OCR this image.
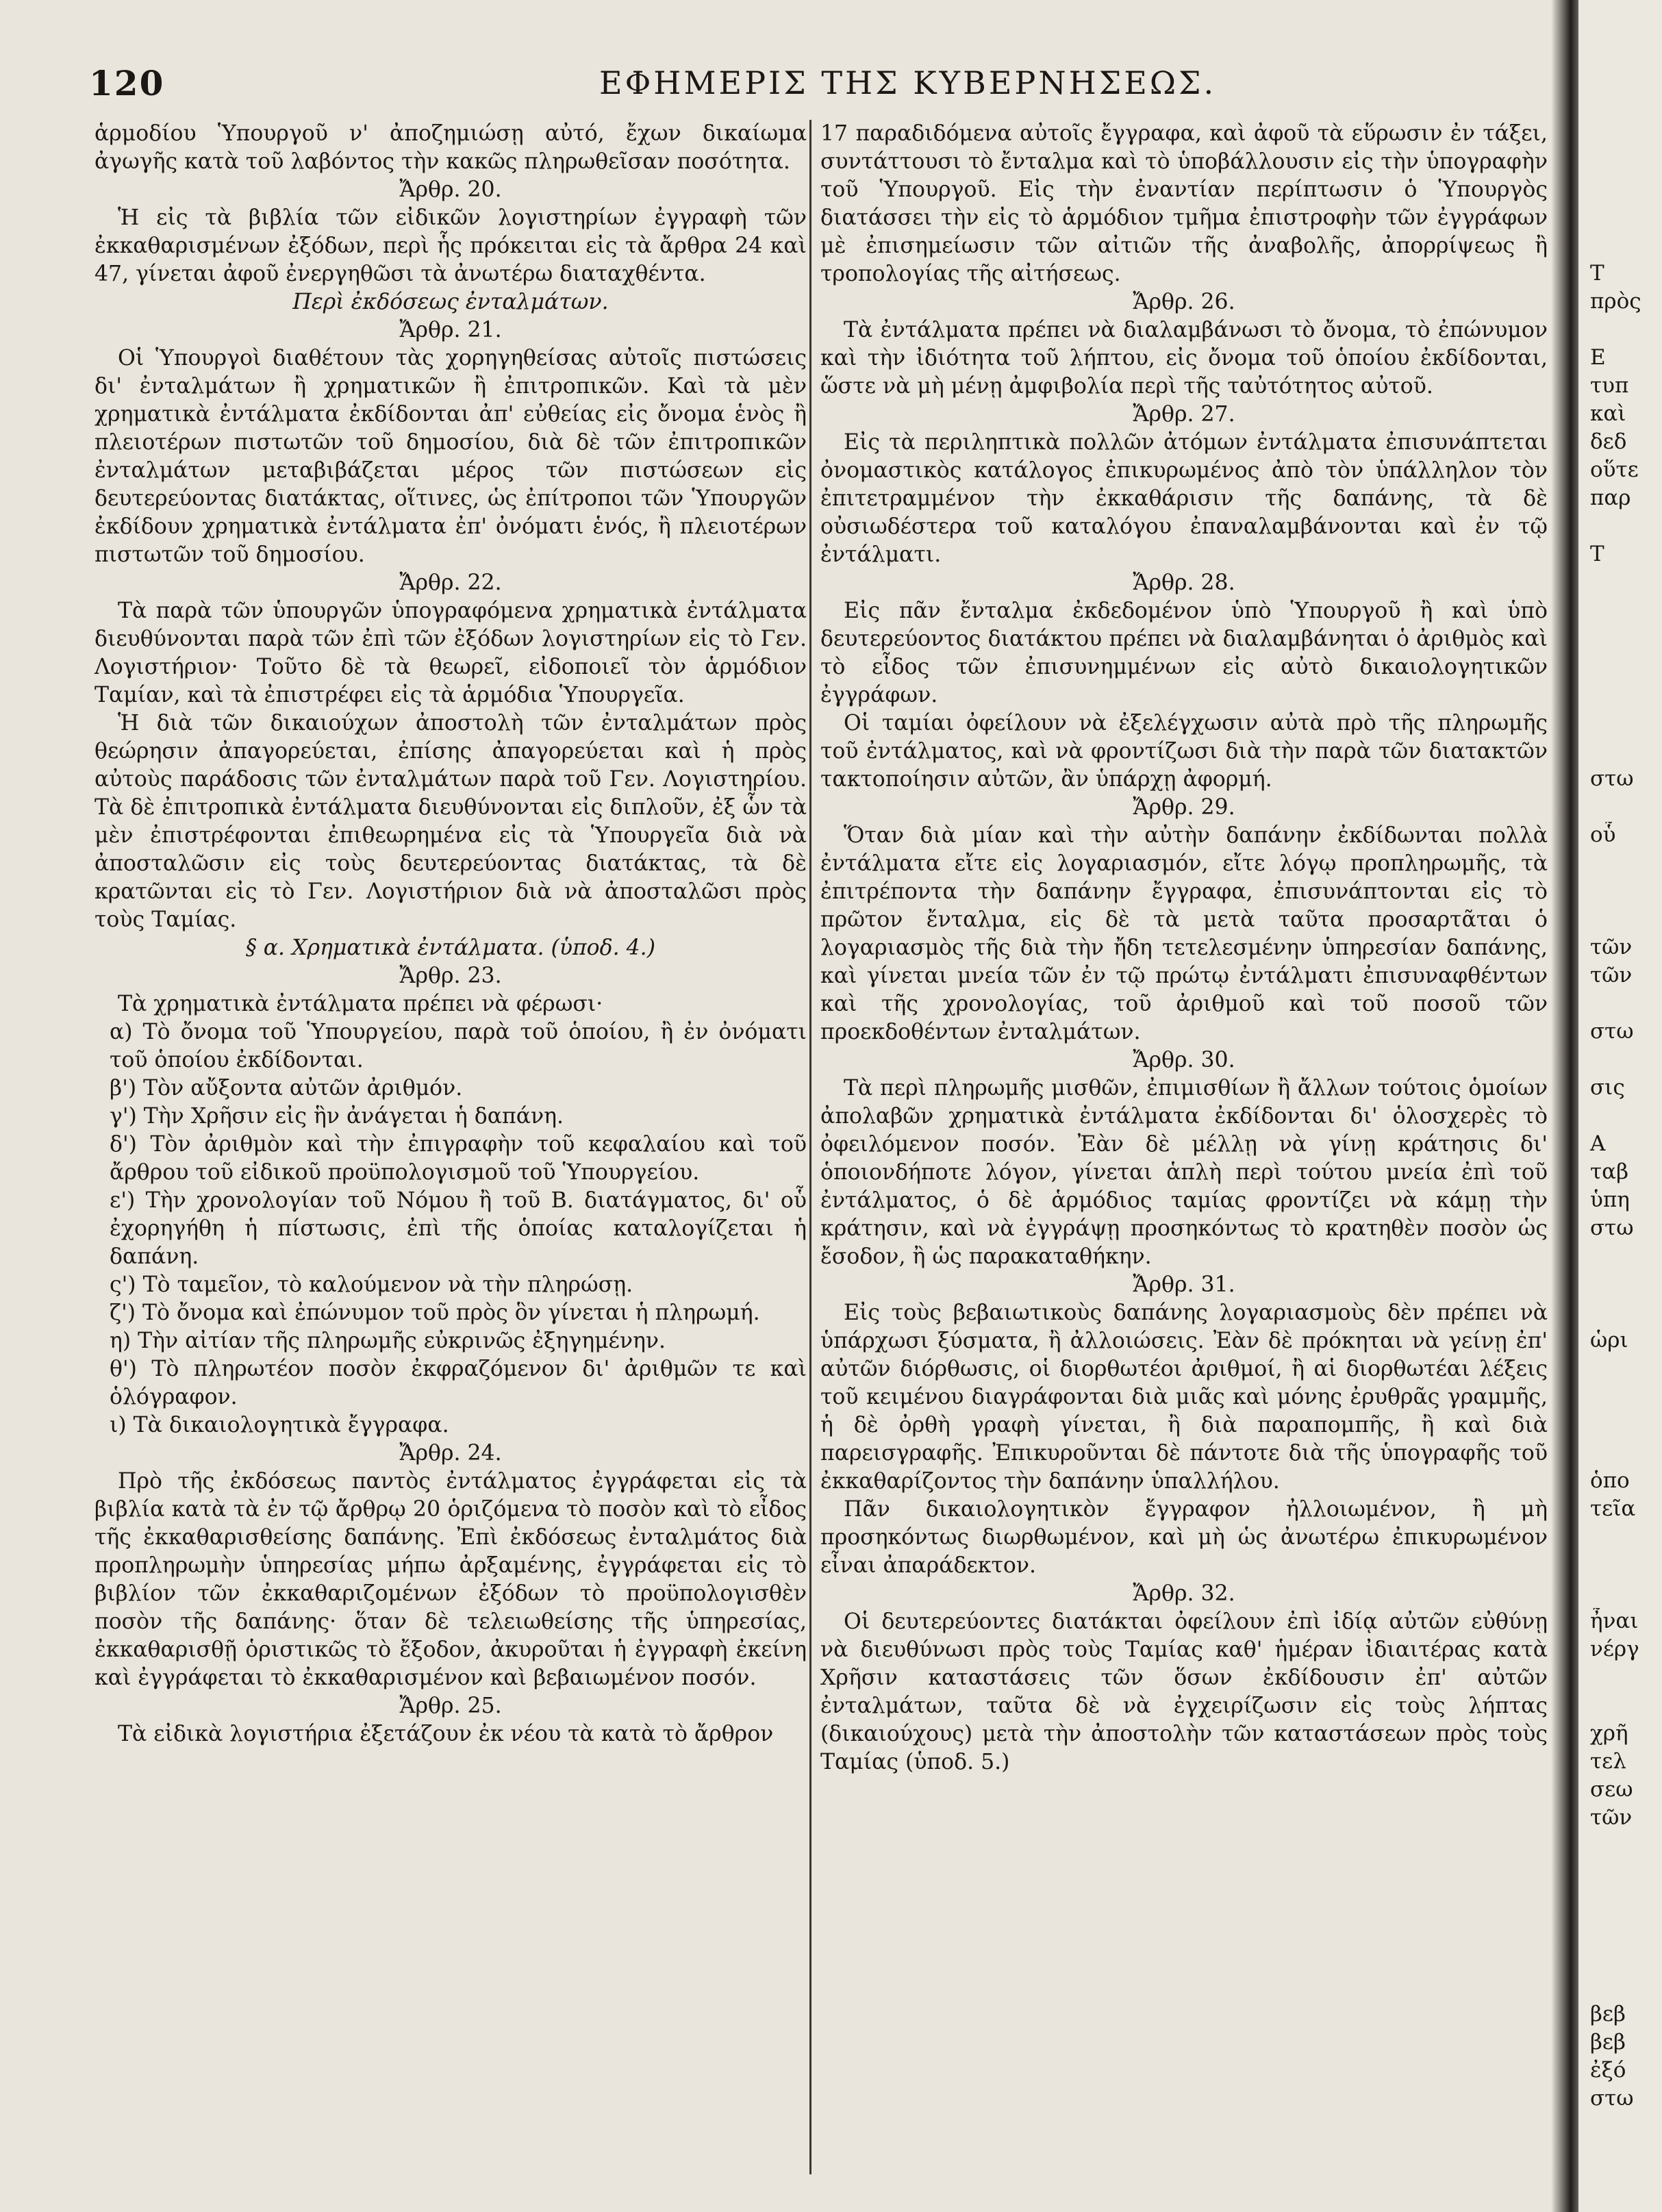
120	ΕΦΗΜΕΡΙΣ ΤΗΣ ΚΥΒΕΡΝΗΣΕΩΣ.

ἁρμοδίου Ὑπουργοῦ ν' ἀποζημιώσῃ αὐτό, ἔχων δικαίωμα ἀγωγῆς κατὰ τοῦ λαβόντος τὴν κακῶς πληρωθεῖσαν ποσότητα.

Ἄρθρ. 20.

Ἡ εἰς τὰ βιβλία τῶν εἰδικῶν λογιστηρίων ἐγγραφὴ τῶν ἐκκαθαρισμένων ἐξόδων, περὶ ἧς πρόκειται εἰς τὰ ἄρθρα 24 καὶ 47, γίνεται ἀφοῦ ἐνεργηθῶσι τὰ ἀνωτέρω διαταχθέντα.

Περὶ ἐκδόσεως ἐνταλμάτων.

Ἄρθρ. 21.

Οἱ Ὑπουργοὶ διαθέτουν τὰς χορηγηθείσας αὐτοῖς πιστώσεις δι' ἐνταλμάτων ἢ χρηματικῶν ἢ ἐπιτροπικῶν. Καὶ τὰ μὲν χρηματικὰ ἐντάλματα ἐκδίδονται ἀπ' εὐθείας εἰς ὄνομα ἑνὸς ἢ πλειοτέρων πιστωτῶν τοῦ δημοσίου, διὰ δὲ τῶν ἐπιτροπικῶν ἐνταλμάτων μεταβιβάζεται μέρος τῶν πιστώσεων εἰς δευτερεύοντας διατάκτας, οἵτινες, ὡς ἐπίτροποι τῶν Ὑπουργῶν ἐκδίδουν χρηματικὰ ἐντάλματα ἐπ' ὀνόματι ἑνός, ἢ πλειοτέρων πιστωτῶν τοῦ δημοσίου.

Ἄρθρ. 22.

Τὰ παρὰ τῶν ὑπουργῶν ὑπογραφόμενα χρηματικὰ ἐντάλματα διευθύνονται παρὰ τῶν ἐπὶ τῶν ἐξόδων λογιστηρίων εἰς τὸ Γεν. Λογιστήριον· Τοῦτο δὲ τὰ θεωρεῖ, εἰδοποιεῖ τὸν ἁρμόδιον Ταμίαν, καὶ τὰ ἐπιστρέφει εἰς τὰ ἁρμόδια Ὑπουργεῖα.

Ἡ διὰ τῶν δικαιούχων ἀποστολὴ τῶν ἐνταλμάτων πρὸς θεώρησιν ἀπαγορεύεται, ἐπίσης ἀπαγορεύεται καὶ ἡ πρὸς αὐτοὺς παράδοσις τῶν ἐνταλμάτων παρὰ τοῦ Γεν. Λογιστηρίου. Τὰ δὲ ἐπιτροπικὰ ἐντάλματα διευθύνονται εἰς διπλοῦν, ἐξ ὧν τὰ μὲν ἐπιστρέφονται ἐπιθεωρημένα εἰς τὰ Ὑπουργεῖα διὰ νὰ ἀποσταλῶσιν εἰς τοὺς δευτερεύοντας διατάκτας, τὰ δὲ κρατῶνται εἰς τὸ Γεν. Λογιστήριον διὰ νὰ ἀποσταλῶσι πρὸς τοὺς Ταμίας.

§ α. Χρηματικὰ ἐντάλματα. (ὑποδ. 4.)

Ἄρθρ. 23.

Τὰ χρηματικὰ ἐντάλματα πρέπει νὰ φέρωσι·

α) Τὸ ὄνομα τοῦ Ὑπουργείου, παρὰ τοῦ ὁποίου, ἢ ἐν ὀνόματι τοῦ ὁποίου ἐκδίδονται.

β') Τὸν αὔξοντα αὐτῶν ἀριθμόν.

γ') Τὴν Χρῆσιν εἰς ἣν ἀνάγεται ἡ δαπάνη.

δ') Τὸν ἀριθμὸν καὶ τὴν ἐπιγραφὴν τοῦ κεφαλαίου καὶ τοῦ ἄρθρου τοῦ εἰδικοῦ προϋπολογισμοῦ τοῦ Ὑπουργείου.

ε') Τὴν χρονολογίαν τοῦ Νόμου ἢ τοῦ Β. διατάγματος, δι' οὗ ἐχορηγήθη ἡ πίστωσις, ἐπὶ τῆς ὁποίας καταλογίζεται ἡ δαπάνη.

ς') Τὸ ταμεῖον, τὸ καλούμενον νὰ τὴν πληρώσῃ.

ζ') Τὸ ὄνομα καὶ ἐπώνυμον τοῦ πρὸς ὃν γίνεται ἡ πληρωμή.

η) Τὴν αἰτίαν τῆς πληρωμῆς εὐκρινῶς ἐξηγημένην.

θ') Τὸ πληρωτέον ποσὸν ἐκφραζόμενον δι' ἀριθμῶν τε καὶ ὁλόγραφον.

ι) Τὰ δικαιολογητικὰ ἔγγραφα.

Ἄρθρ. 24.

Πρὸ τῆς ἐκδόσεως παντὸς ἐντάλματος ἐγγράφεται εἰς τὰ βιβλία κατὰ τὰ ἐν τῷ ἄρθρῳ 20 ὁριζόμενα τὸ ποσὸν καὶ τὸ εἶδος τῆς ἐκκαθαρισθείσης δαπάνης. Ἐπὶ ἐκδόσεως ἐνταλμάτος διὰ προπληρωμὴν ὑπηρεσίας μήπω ἀρξαμένης, ἐγγράφεται εἰς τὸ βιβλίον τῶν ἐκκαθαριζομένων ἐξόδων τὸ προϋπολογισθὲν ποσὸν τῆς δαπάνης· ὅταν δὲ τελειωθείσης τῆς ὑπηρεσίας, ἐκκαθαρισθῇ ὁριστικῶς τὸ ἔξοδον, ἀκυροῦται ἡ ἐγγραφὴ ἐκείνη καὶ ἐγγράφεται τὸ ἐκκαθαρισμένον καὶ βεβαιωμένον ποσόν.

Ἄρθρ. 25.

Τὰ εἰδικὰ λογιστήρια ἐξετάζουν ἐκ νέου τὰ κατὰ τὸ ἄρθρον

17 παραδιδόμενα αὐτοῖς ἔγγραφα, καὶ ἀφοῦ τὰ εὕρωσιν ἐν τάξει, συντάττουσι τὸ ἔνταλμα καὶ τὸ ὑποβάλλουσιν εἰς τὴν ὑπογραφὴν τοῦ Ὑπουργοῦ. Εἰς τὴν ἐναντίαν περίπτωσιν ὁ Ὑπουργὸς διατάσσει τὴν εἰς τὸ ἁρμόδιον τμῆμα ἐπιστροφὴν τῶν ἐγγράφων μὲ ἐπισημείωσιν τῶν αἰτιῶν τῆς ἀναβολῆς, ἀπορρίψεως ἢ τροπολογίας τῆς αἰτήσεως.

Ἄρθρ. 26.

Τὰ ἐντάλματα πρέπει νὰ διαλαμβάνωσι τὸ ὄνομα, τὸ ἐπώνυμον καὶ τὴν ἰδιότητα τοῦ λήπτου, εἰς ὄνομα τοῦ ὁποίου ἐκδίδονται, ὥστε νὰ μὴ μένῃ ἀμφιβολία περὶ τῆς ταὐτότητος αὐτοῦ.

Ἄρθρ. 27.

Εἰς τὰ περιληπτικὰ πολλῶν ἀτόμων ἐντάλματα ἐπισυνάπτεται ὀνομαστικὸς κατάλογος ἐπικυρωμένος ἀπὸ τὸν ὑπάλληλον τὸν ἐπιτετραμμένον τὴν ἐκκαθάρισιν τῆς δαπάνης, τὰ δὲ οὐσιωδέστερα τοῦ καταλόγου ἐπαναλαμβάνονται καὶ ἐν τῷ ἐντάλματι.

Ἄρθρ. 28.

Εἰς πᾶν ἔνταλμα ἐκδεδομένον ὑπὸ Ὑπουργοῦ ἢ καὶ ὑπὸ δευτερεύοντος διατάκτου πρέπει νὰ διαλαμβάνηται ὁ ἀριθμὸς καὶ τὸ εἶδος τῶν ἐπισυνημμένων εἰς αὐτὸ δικαιολογητικῶν ἐγγράφων.

Οἱ ταμίαι ὀφείλουν νὰ ἐξελέγχωσιν αὐτὰ πρὸ τῆς πληρωμῆς τοῦ ἐντάλματος, καὶ νὰ φροντίζωσι διὰ τὴν παρὰ τῶν διατακτῶν τακτοποίησιν αὐτῶν, ἂν ὑπάρχῃ ἀφορμή.

Ἄρθρ. 29.

Ὅταν διὰ μίαν καὶ τὴν αὐτὴν δαπάνην ἐκδίδωνται πολλὰ ἐντάλματα εἴτε εἰς λογαριασμόν, εἴτε λόγῳ προπληρωμῆς, τὰ ἐπιτρέποντα τὴν δαπάνην ἔγγραφα, ἐπισυνάπτονται εἰς τὸ πρῶτον ἔνταλμα, εἰς δὲ τὰ μετὰ ταῦτα προσαρτᾶται ὁ λογαριασμὸς τῆς διὰ τὴν ἤδη τετελεσμένην ὑπηρεσίαν δαπάνης, καὶ γίνεται μνεία τῶν ἐν τῷ πρώτῳ ἐντάλματι ἐπισυναφθέντων καὶ τῆς χρονολογίας, τοῦ ἀριθμοῦ καὶ τοῦ ποσοῦ τῶν προεκδοθέντων ἐνταλμάτων.

Ἄρθρ. 30.

Τὰ περὶ πληρωμῆς μισθῶν, ἐπιμισθίων ἢ ἄλλων τούτοις ὁμοίων ἀπολαβῶν χρηματικὰ ἐντάλματα ἐκδίδονται δι' ὁλοσχερὲς τὸ ὀφειλόμενον ποσόν. Ἐὰν δὲ μέλλῃ νὰ γίνῃ κράτησις δι' ὁποιονδήποτε λόγον, γίνεται ἁπλὴ περὶ τούτου μνεία ἐπὶ τοῦ ἐντάλματος, ὁ δὲ ἁρμόδιος ταμίας φροντίζει νὰ κάμῃ τὴν κράτησιν, καὶ νὰ ἐγγράψῃ προσηκόντως τὸ κρατηθὲν ποσὸν ὡς ἔσοδον, ἢ ὡς παρακαταθήκην.

Ἄρθρ. 31.

Εἰς τοὺς βεβαιωτικοὺς δαπάνης λογαριασμοὺς δὲν πρέπει νὰ ὑπάρχωσι ξύσματα, ἢ ἀλλοιώσεις. Ἐὰν δὲ πρόκηται νὰ γείνῃ ἐπ' αὐτῶν διόρθωσις, οἱ διορθωτέοι ἀριθμοί, ἢ αἱ διορθωτέαι λέξεις τοῦ κειμένου διαγράφονται διὰ μιᾶς καὶ μόνης ἐρυθρᾶς γραμμῆς, ἡ δὲ ὀρθὴ γραφὴ γίνεται, ἢ διὰ παραπομπῆς, ἢ καὶ διὰ παρεισγραφῆς. Ἐπικυροῦνται δὲ πάντοτε διὰ τῆς ὑπογραφῆς τοῦ ἐκκαθαρίζοντος τὴν δαπάνην ὑπαλλήλου.

Πᾶν δικαιολογητικὸν ἔγγραφον ἠλλοιωμένον, ἢ μὴ προσηκόντως διωρθωμένον, καὶ μὴ ὡς ἀνωτέρω ἐπικυρωμένον εἶναι ἀπαράδεκτον.

Ἄρθρ. 32.

Οἱ δευτερεύοντες διατάκται ὀφείλουν ἐπὶ ἰδίᾳ αὐτῶν εὐθύνῃ νὰ διευθύνωσι πρὸς τοὺς Ταμίας καθ' ἡμέραν ἰδιαιτέρας κατὰ Χρῆσιν καταστάσεις τῶν ὅσων ἐκδίδουσιν ἐπ' αὐτῶν ἐνταλμάτων, ταῦτα δὲ νὰ ἐγχειρίζωσιν εἰς τοὺς λήπτας (δικαιούχους) μετὰ τὴν ἀποστολὴν τῶν καταστάσεων πρὸς τοὺς Ταμίας (ὑποδ. 5.)

Τ
πρὸς
Ε
τυπ
καὶ
δεδ
οὕτε
παρ
Τ
στω
οὗ
τῶν
τῶν
στω
σις
Α
ταβ
ὑπη
στω
ὡρι
ὁπο
τεῖα
ἦναι
νέργ
χρῆ
τελ
σεω
τῶν
βεβ
βεβ
ἐξό
στω
